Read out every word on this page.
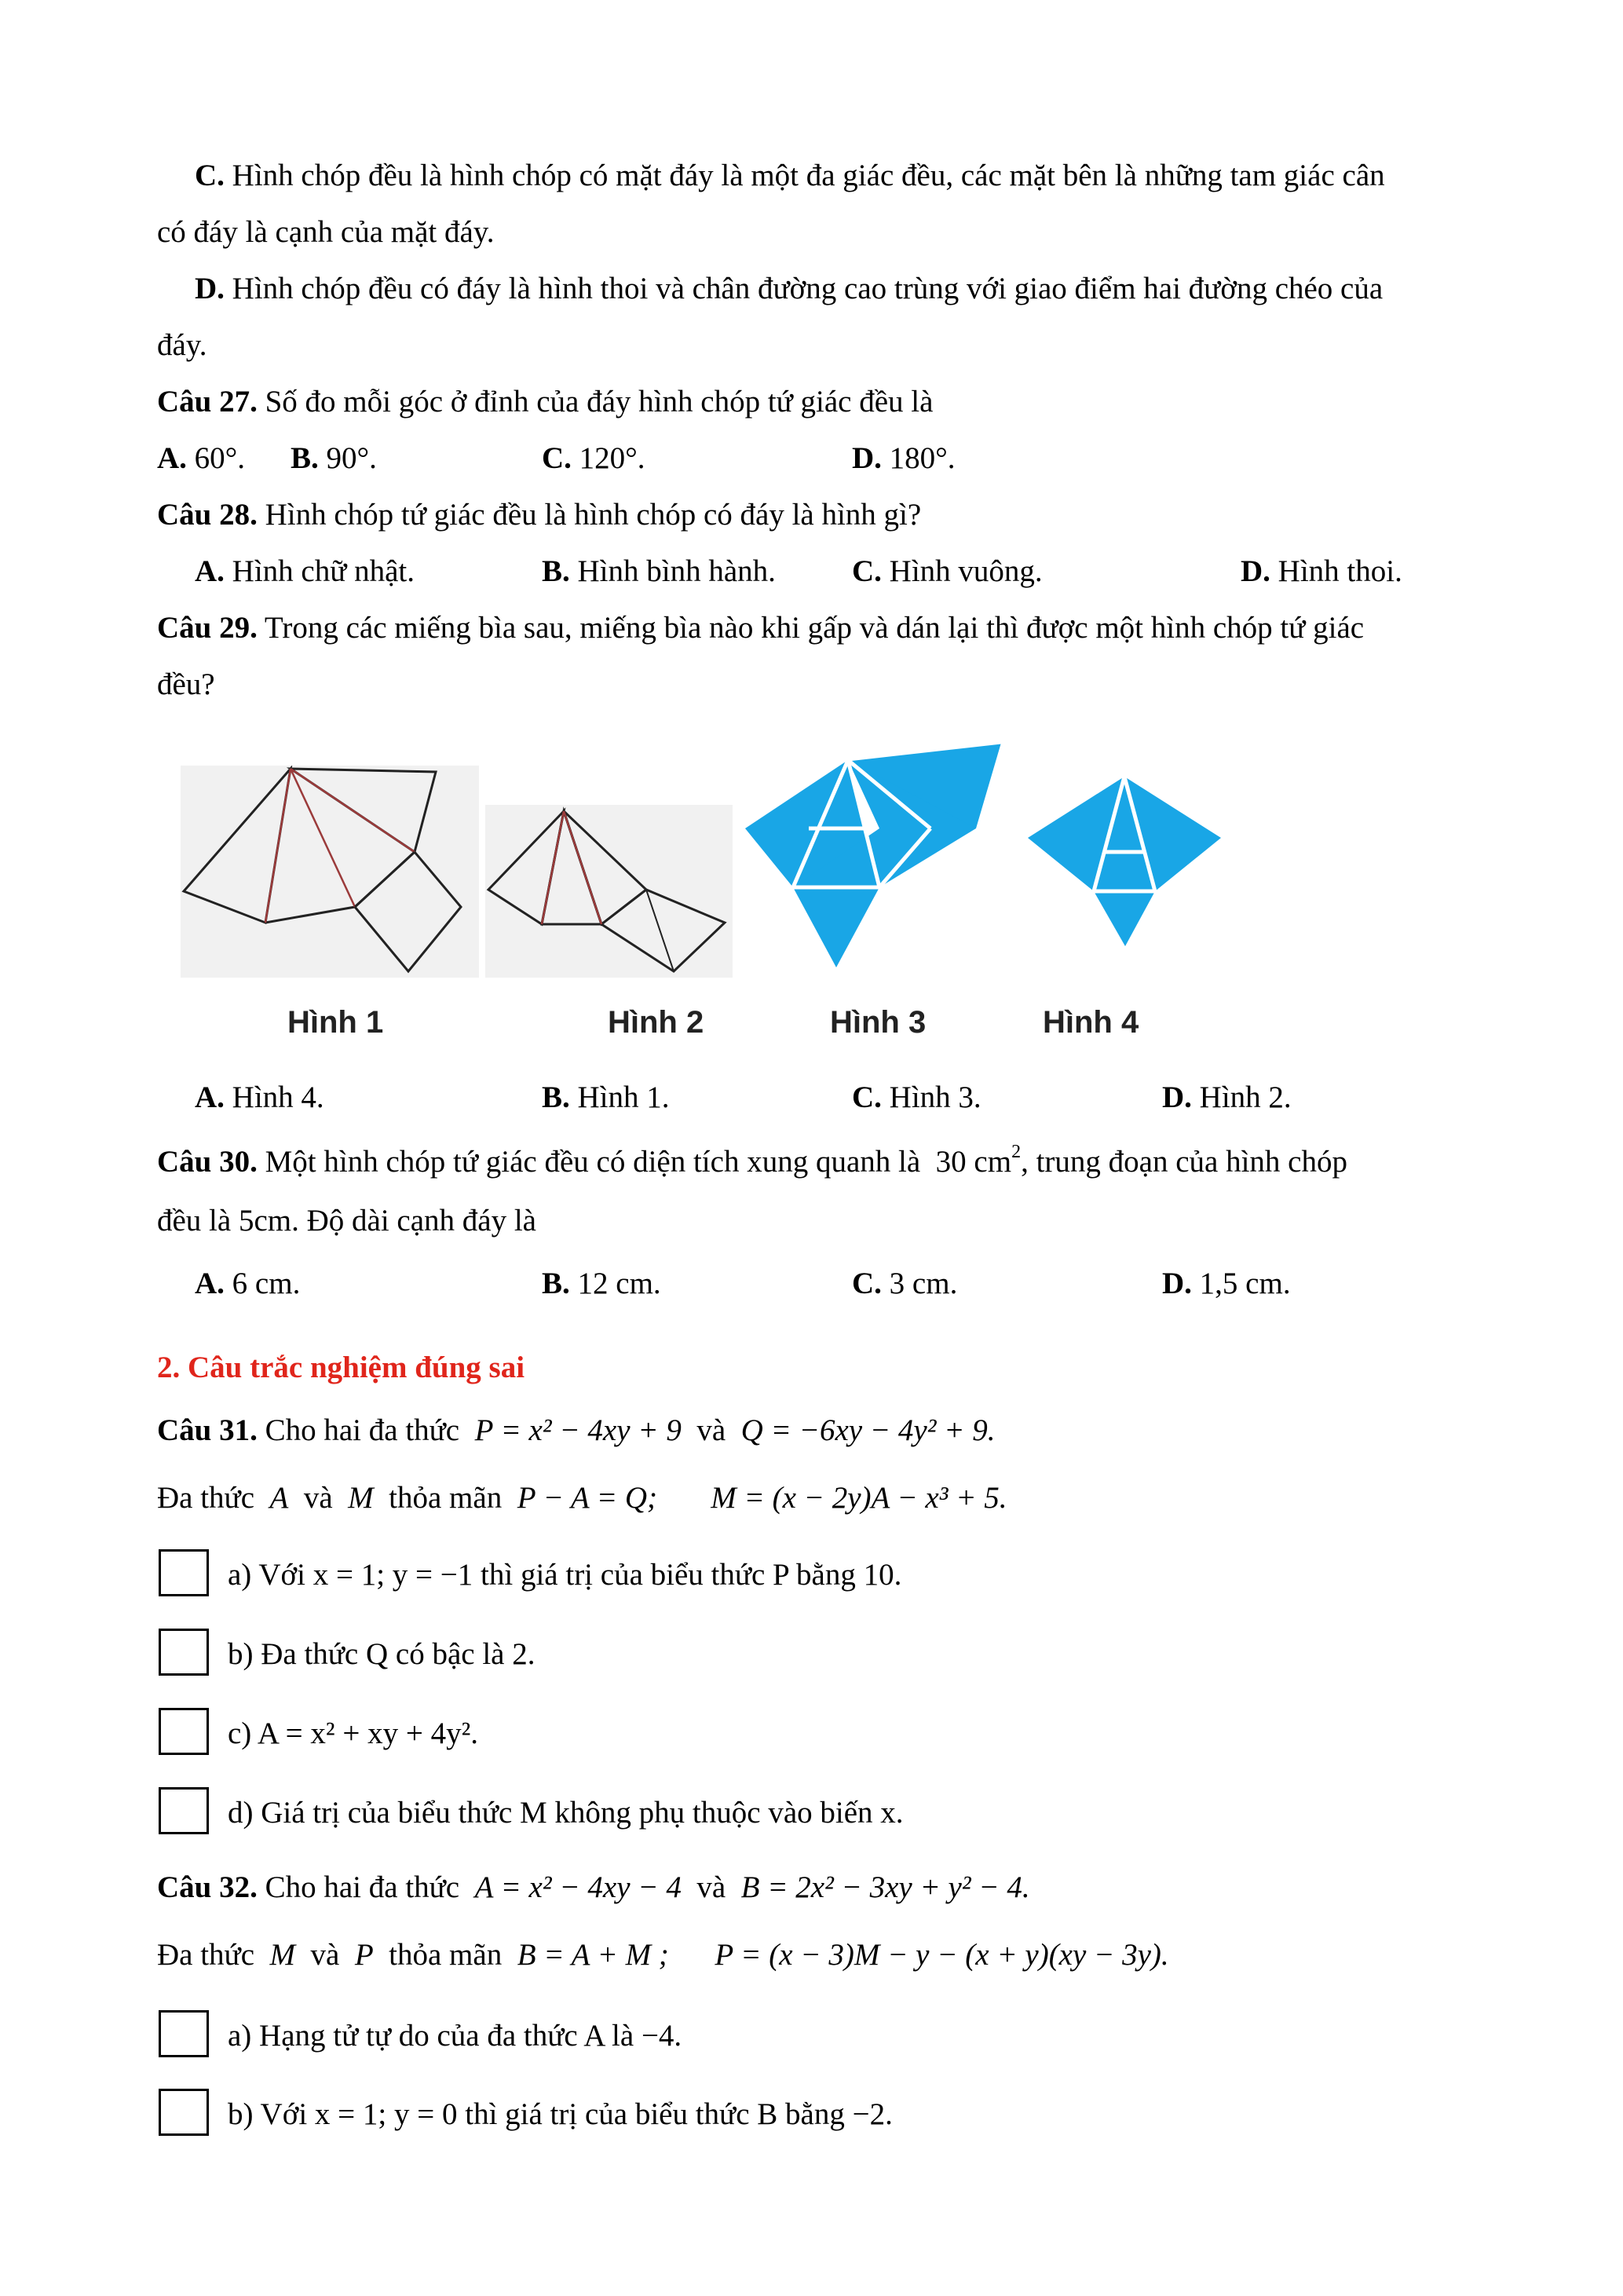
C. Hình chóp đều là hình chóp có mặt đáy là một đa giác đều, các mặt bên là những tam giác cân
có đáy là cạnh của mặt đáy.
D. Hình chóp đều có đáy là hình thoi và chân đường cao trùng với giao điểm hai đường chéo của
đáy.
Câu 27. Số đo mỗi góc ở đỉnh của đáy hình chóp tứ giác đều là
A. 60°. B. 90°.	C. 120°.	D. 180°.
Câu 28. Hình chóp tứ giác đều là hình chóp có đáy là hình gì?
A. Hình chữ nhật.	B. Hình bình hành. C. Hình vuông.	D. Hình thoi.
Câu 29. Trong các miếng bìa sau, miếng bìa nào khi gấp và dán lại thì được một hình chóp tứ giác
đều?
Hình 1	Hình 2	Hình 3	Hình 4
A. Hình 4.	B. Hình 1.	C. Hình 3.	D. Hình 2.
Câu 30. Một hình chóp tứ giác đều có diện tích xung quanh là 30 $cm^2$, trung đoạn của hình chóp
đều là 5cm. Độ dài cạnh đáy là
A. 6 cm.	B. 12 cm.	C. 3 cm.	D. 1,5 cm.
2. Câu trắc nghiệm đúng sai
Câu 31. Cho hai đa thức P = x² − 4xy + 9 và Q = −6xy − 4y² + 9.
Đa thức A và M thỏa mãn P − A = Q; M = (x − 2y)A − x³ + 5.
a) Với x = 1; y = −1 thì giá trị của biểu thức P bằng 10.
b) Đa thức Q có bậc là 2.
c) A = x² + xy + 4y².
d) Giá trị của biểu thức M không phụ thuộc vào biến x.
Câu 32. Cho hai đa thức A = x² − 4xy − 4 và B = 2x² − 3xy + y² − 4.
Đa thức M và P thỏa mãn B = A + M ; P = (x − 3)M − y − (x + y)(xy − 3y).
a) Hạng tử tự do của đa thức A là −4.
b) Với x = 1; y = 0 thì giá trị của biểu thức B bằng −2.
